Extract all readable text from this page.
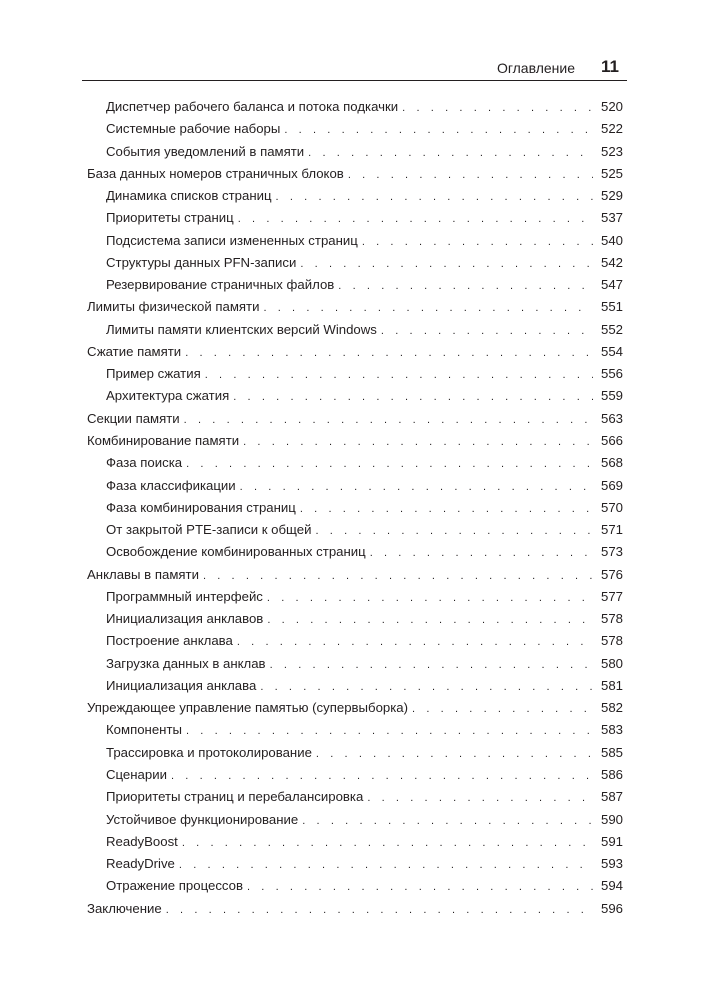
Оглавление 11
Диспетчер рабочего баланса и потока подкачки . . .	520
Системные рабочие наборы . . .	522
События уведомлений в памяти . . .	523
База данных номеров страничных блоков . . .	525
Динамика списков страниц . . .	529
Приоритеты страниц . . .	537
Подсистема записи измененных страниц . . .	540
Структуры данных PFN-записи . . .	542
Резервирование страничных файлов . . .	547
Лимиты физической памяти . . .	551
Лимиты памяти клиентских версий Windows . . .	552
Сжатие памяти . . .	554
Пример сжатия . . .	556
Архитектура сжатия . . .	559
Секции памяти . . .	563
Комбинирование памяти . . .	566
Фаза поиска . . .	568
Фаза классификации . . .	569
Фаза комбинирования страниц . . .	570
От закрытой PTE-записи к общей . . .	571
Освобождение комбинированных страниц . . .	573
Анклавы в памяти . . .	576
Программный интерфейс . . .	577
Инициализация анклавов . . .	578
Построение анклава . . .	578
Загрузка данных в анклав . . .	580
Инициализация анклава . . .	581
Упреждающее управление памятью (супервыборка) . . .	582
Компоненты . . .	583
Трассировка и протоколирование . . .	585
Сценарии . . .	586
Приоритеты страниц и перебалансировка . . .	587
Устойчивое функционирование . . .	590
ReadyBoost . . .	591
ReadyDrive . . .	593
Отражение процессов . . .	594
Заключение . . .	596
